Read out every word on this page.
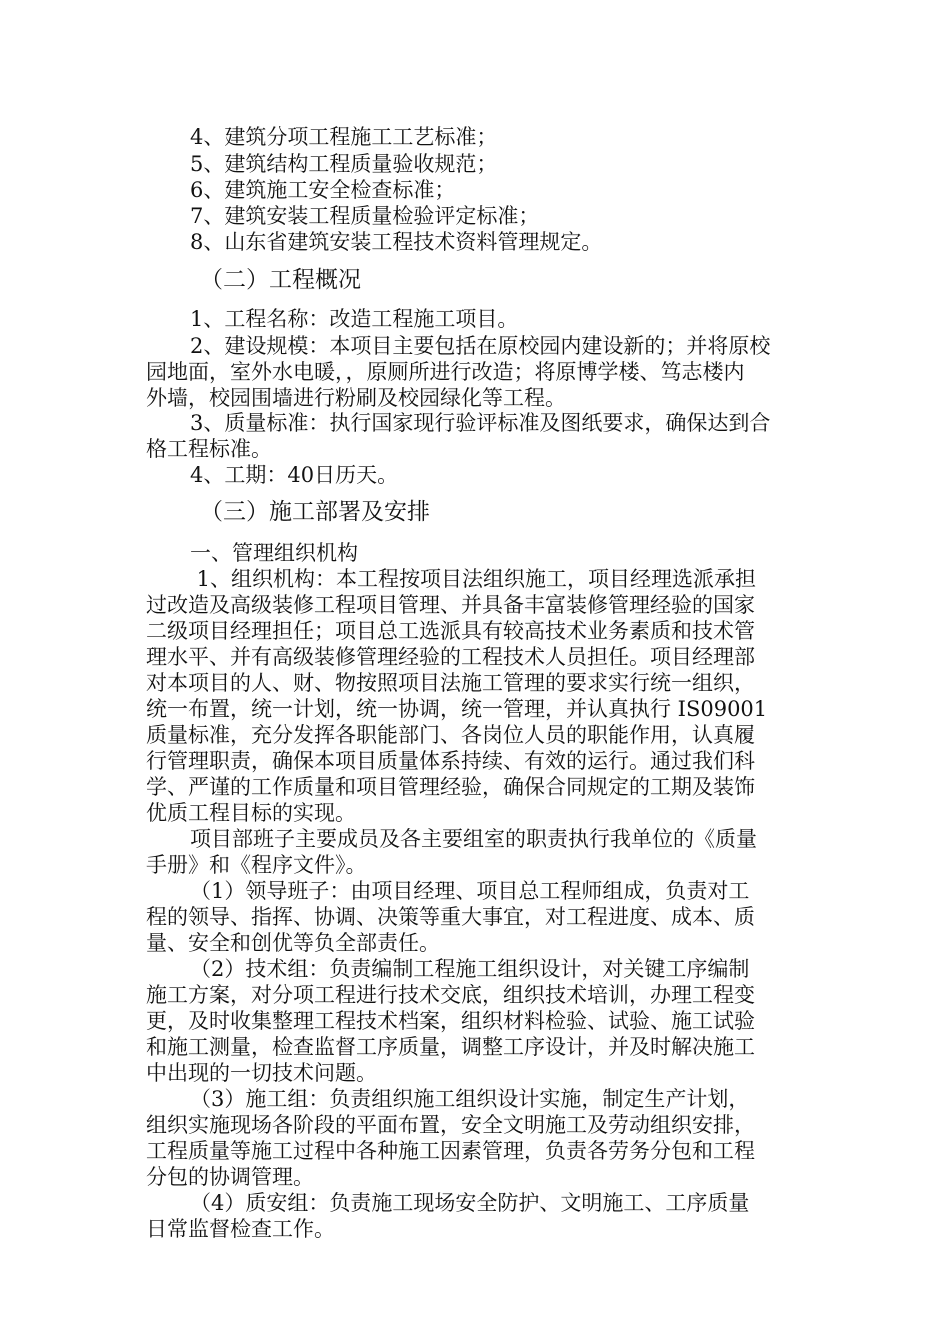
4、建筑分项工程施工工艺标准；
5、建筑结构工程质量验收规范；
6、建筑施工安全检查标准；
7、建筑安装工程质量检验评定标准；
8、山东省建筑安装工程技术资料管理规定。
（二）工程概况
1、工程名称：改造工程施工项目。
2、建设规模：本项目主要包括在原校园内建设新的；并将原校
园地面，室外水电暖，，原厕所进行改造；将原博学楼、笃志楼内
外墙，校园围墙进行粉刷及校园绿化等工程。
3、质量标准：执行国家现行验评标准及图纸要求，确保达到合
格工程标准。
4、工期：40日历天。
（三）施工部署及安排
一、管理组织机构
1、组织机构：本工程按项目法组织施工，项目经理选派承担
过改造及高级装修工程项目管理、并具备丰富装修管理经验的国家
二级项目经理担任；项目总工选派具有较高技术业务素质和技术管
理水平、并有高级装修管理经验的工程技术人员担任。项目经理部
对本项目的人、财、物按照项目法施工管理的要求实行统一组织，
统一布置，统一计划，统一协调，统一管理，并认真执行 IS09001
质量标准，充分发挥各职能部门、各岗位人员的职能作用，认真履
行管理职责，确保本项目质量体系持续、有效的运行。通过我们科
学、严谨的工作质量和项目管理经验，确保合同规定的工期及装饰
优质工程目标的实现。
项目部班子主要成员及各主要组室的职责执行我单位的《质量
手册》和《程序文件》。
（1）领导班子：由项目经理、项目总工程师组成，负责对工
程的领导、指挥、协调、决策等重大事宜，对工程进度、成本、质
量、安全和创优等负全部责任。
（2）技术组：负责编制工程施工组织设计，对关键工序编制
施工方案，对分项工程进行技术交底，组织技术培训，办理工程变
更，及时收集整理工程技术档案，组织材料检验、试验、施工试验
和施工测量，检查监督工序质量，调整工序设计，并及时解决施工
中出现的一切技术问题。
（3）施工组：负责组织施工组织设计实施，制定生产计划，
组织实施现场各阶段的平面布置，安全文明施工及劳动组织安排，
工程质量等施工过程中各种施工因素管理，负责各劳务分包和工程
分包的协调管理。
（4）质安组：负责施工现场安全防护、文明施工、工序质量
日常监督检查工作。
